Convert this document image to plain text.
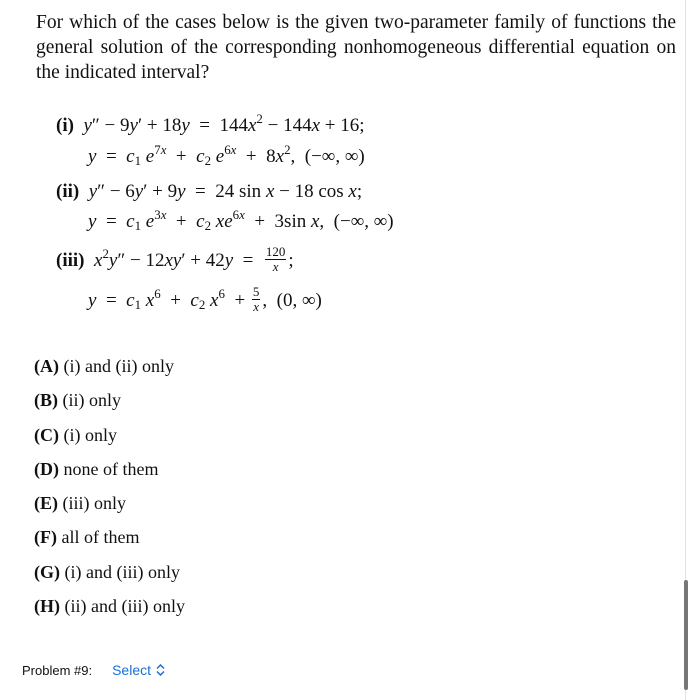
For which of the cases below is the given two-parameter family of functions the general solution of the corresponding nonhomogeneous differential equation on the indicated interval?
(i) $y'' - 9y' + 18y = 144x^2 - 144x + 16$;
$y = c_1$ $e^{7x} + c_2$ $e^{6x} + 8x^2$,  (−∞, ∞)
(ii) y″ − 6y′ + 9y  =  24 sin x − 18 cos x;
$y = c_1$ $e^{3x} + c_2$ $xe^{6x} + 3\sin$ x,  (−∞, ∞)
(iii) $x^2y'' - 12xy' + 42y = \frac{120}{x}$ ;
$y = c_1$ $x^6 + c_2$ $x^6 + \frac{5}{x}$ ,  (0, ∞)
(A) (i) and (ii) only
(B) (ii) only
(C) (i) only
(D) none of them
(E) (iii) only
(F) all of them
(G) (i) and (iii) only
(H) (ii) and (iii) only
Problem #9: Select
